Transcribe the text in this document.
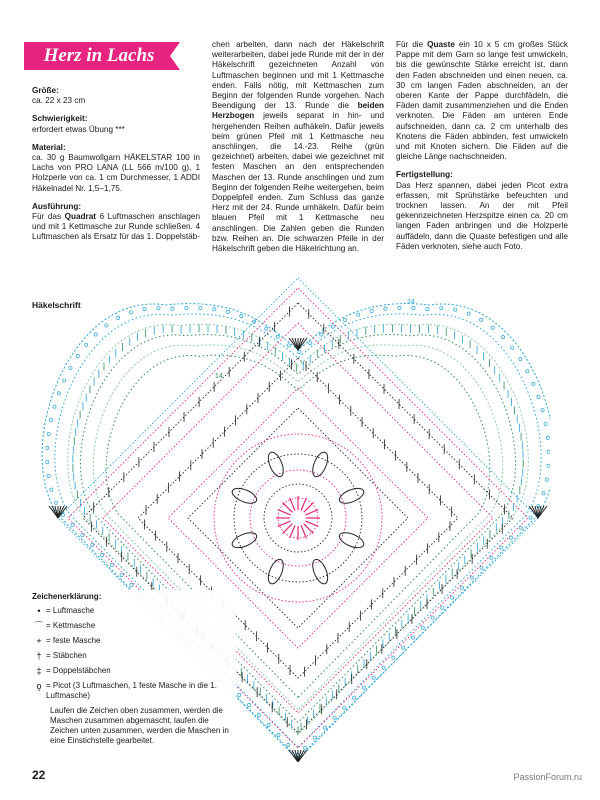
Herz in Lachs

Größe:

ca. 22 x 23 cm

Schwierigkeit:

erfordert etwas Übung ***

Material:

ca. 30 g Baumwollgarn HÄKELSTAR 100 in Lachs von PRO LANA (LL 566 m/100 g), 1 Holzperle von ca. 1 cm Durchmesser, 1 ADDI Häkelnadel Nr. 1,5–1,75.

Ausführung:

Für das Quadrat 6 Luftmaschen anschlagen und mit 1 Kettmasche zur Runde schließen. 4 Luftmaschen als Ersatz für das 1. Doppelstäb-

chen arbeiten, dann nach der Häkelschrift weiterarbeiten, dabei jede Runde mit der in der Häkelschrift gezeichneten Anzahl von Luftmaschen beginnen und mit 1 Kettmasche enden. Falls nötig, mit Kettmaschen zum Beginn der folgenden Runde vorgehen. Nach Beendigung der 13. Runde die beiden Herzbogen jeweils separat in hin- und hergehenden Reihen aufhäkeln. Dafür jeweils beim grünen Pfeil mit 1 Kettmasche neu anschlingen, die 14.-23. Reihe (grün gezeichnet) arbeiten, dabei wie gezeichnet mit festen Maschen an den entsprechenden Maschen der 13. Runde anschlingen und zum Beginn der folgenden Reihe weitergehen, beim Doppelpfeil enden. Zum Schluss das ganze Herz mit der 24. Runde umhäkeln. Dafür beim blauen Pfeil mit 1 Kettmasche neu anschlingen. Die Zahlen geben die Runden bzw. Reihen an. Die schwarzen Pfeile in der Häkelschrift geben die Häkelrichtung an.

Für die Quaste ein 10 x 5 cm großes Stück Pappe mit dem Garn so lange fest umwickeln, bis die gewünschte Stärke erreicht ist, dann den Faden abschneiden und einen neuen, ca. 30 cm langen Faden abschneiden, an der oberen Kante der Pappe durchfädeln, die Fäden damit zusammenziehen und die Enden verknoten. Die Fäden am unteren Ende aufschneiden, dann ca. 2 cm unterhalb des Knotens die Fäden abbinden, fest umwickeln und mit Knoten sichern. Die Fäden auf die gleiche Länge nachschneiden.

Fertigstellung:

Das Herz spannen, dabei jeden Picot extra erfassen, mit Sprühstärke befeuchten und trocknen lassen. An der mit Pfeil gekennzeichneten Herzspitze einen ca. 20 cm langen Faden anbringen und die Holzperle auffädeln, dann die Quaste befestigen und alle Fäden verknoten, siehe auch Foto.

Häkelschrift	24
14
Zeichenerklärung:
• = Luftmasche
⌒ = Kettmasche
+ = feste Masche
† = Stäbchen
‡ = Doppelstäbchen
ǫ = Picot (3 Luftmaschen, 1 feste Masche in die 1. Luftmasche)
Laufen die Zeichen oben zusammen, werden die Maschen zusammen abgemascht, laufen die Zeichen unten zusammen, werden die Maschen in eine Einstichstelle gearbeitet.
22	PassionForum.ru
